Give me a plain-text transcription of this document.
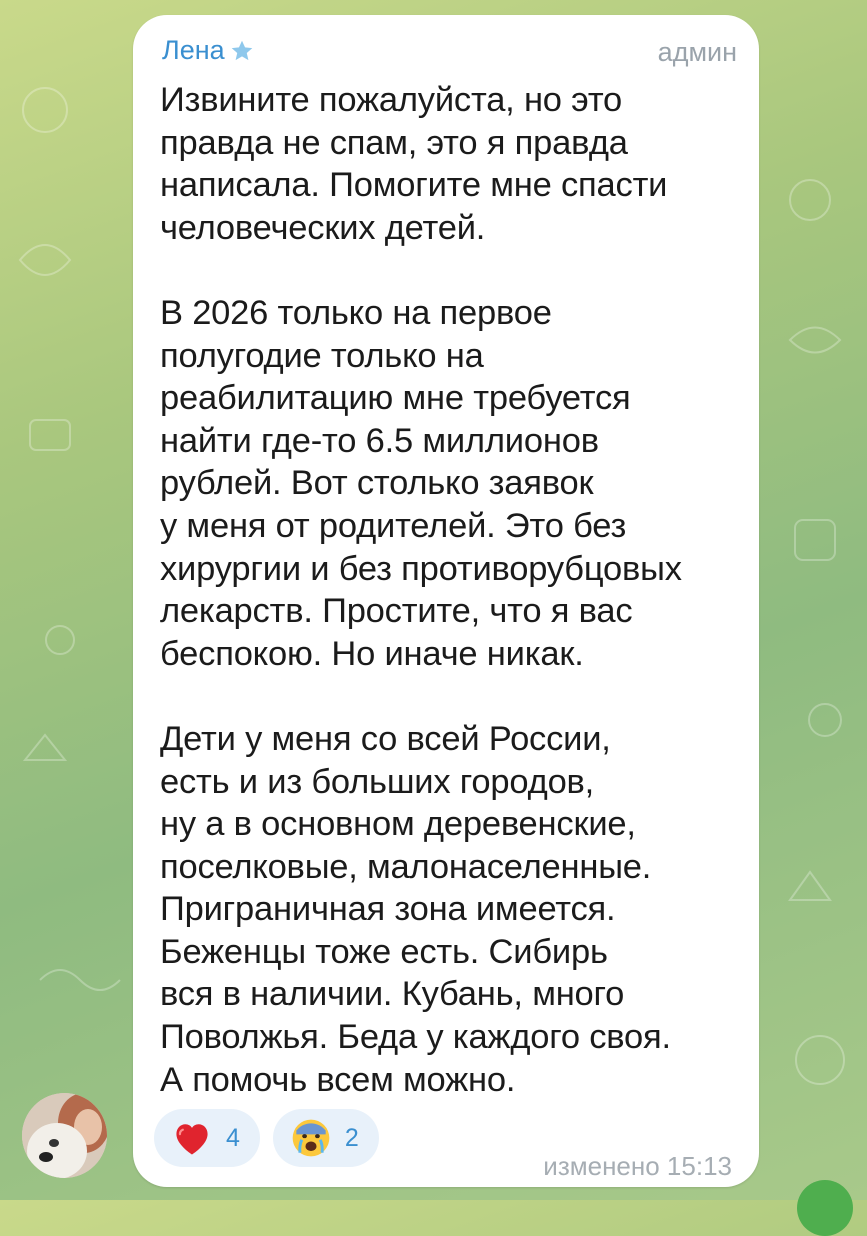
Лена	админ
Извините пожалуйста, но это
правда не спам, это я правда
написала. Помогите мне спасти
человеческих детей.

В 2026 только на первое
полугодие только на
реабилитацию мне требуется
найти где-то 6.5 миллионов
рублей. Вот столько заявок
у меня от родителей. Это без
хирургии и без противорубцовых
лекарств. Простите, что я вас
беспокою. Но иначе никак.

Дети у меня со всей России,
есть и из больших городов,
ну а в основном деревенские,
поселковые, малонаселенные.
Приграничная зона имеется.
Беженцы тоже есть. Сибирь
вся в наличии. Кубань, много
Поволжья. Беда у каждого своя.
А помочь всем можно.
4	2
изменено 15:13
